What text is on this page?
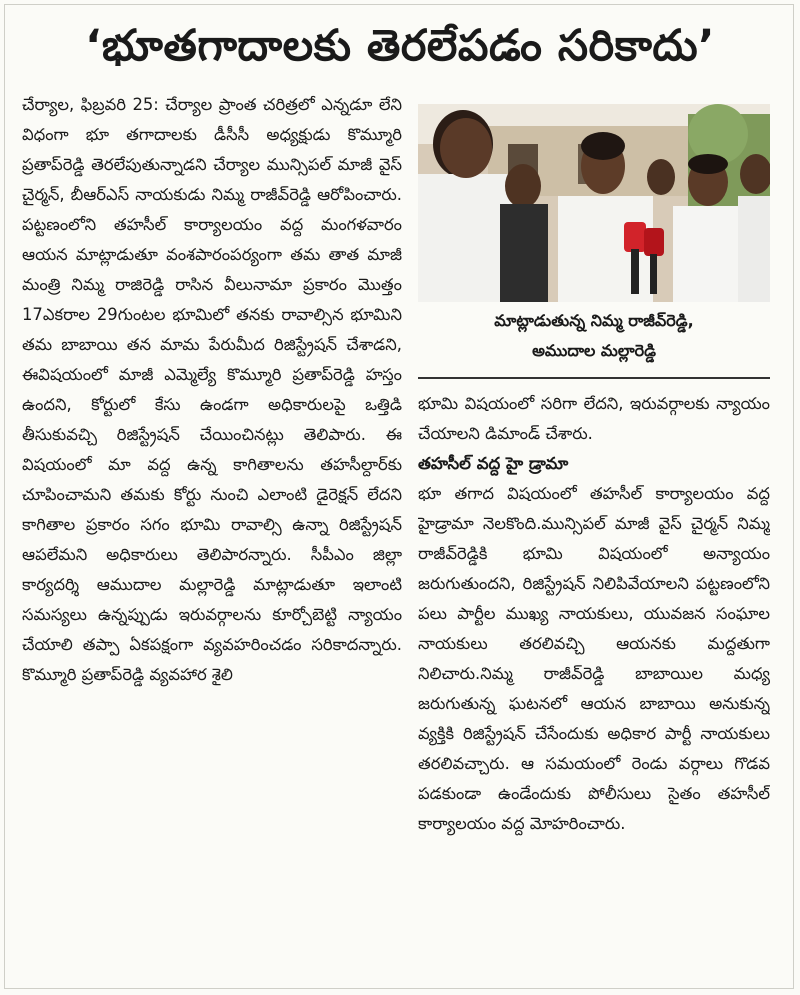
‘భూతగాదాలకు తెరలేపడం సరికాదు’

చేర్యాల, ఫిబ్రవరి 25: చేర్యాల ప్రాంత చరిత్రలో ఎన్నడూ లేని విధంగా భూ తగాదాలకు డీసీసీ అధ్యక్షుడు కొమ్మూరి ప్రతాప్‌రెడ్డి తెరలేపుతున్నాడని చేర్యాల మున్సిపల్ మాజీ వైస్ చైర్మన్, బీఆర్ఎస్ నాయకుడు నిమ్మ రాజీవ్‌రెడ్డి ఆరోపించారు. పట్టణంలోని తహసీల్ కార్యాలయం వద్ద మంగళవారం ఆయన మాట్లాడుతూ వంశపారంపర్యంగా తమ తాత మాజీ మంత్రి నిమ్మ రాజిరెడ్డి రాసిన వీలునామా ప్రకారం మొత్తం 17ఎకరాల 29గుంటల భూమిలో తనకు రావాల్సిన భూమిని తమ బాబాయి తన మామ పేరుమీద రిజిస్ట్రేషన్ చేశాడని, ఈవిషయంలో మాజీ ఎమ్మెల్యే కొమ్మూరి ప్రతాప్‌రెడ్డి హస్తం ఉందని, కోర్టులో కేసు ఉండగా అధికారులపై ఒత్తిడి తీసుకువచ్చి రిజిస్ట్రేషన్ చేయించినట్లు తెలిపారు. ఈ విషయంలో మా వద్ద ఉన్న కాగితాలను తహసీల్దార్‌కు చూపించామని తమకు కోర్టు నుంచి ఎలాంటి డైరెక్షన్ లేదని కాగితాల ప్రకారం సగం భూమి రావాల్సి ఉన్నా రిజిస్ట్రేషన్ ఆపలేమని అధికారులు తెలిపారన్నారు. సీపీఎం జిల్లా కార్యదర్శి ఆముదాల మల్లారెడ్డి మాట్లాడుతూ ఇలాంటి సమస్యలు ఉన్నప్పుడు ఇరువర్గాలను కూర్చోబెట్టి న్యాయం చేయాలి తప్పా ఏకపక్షంగా వ్యవహరించడం సరికాదన్నారు. కొమ్మూరి ప్రతాప్‌రెడ్డి వ్యవహార శైలి

మాట్లాడుతున్న నిమ్మ రాజీవ్‌రెడ్డి,
అముదాల మల్లారెడ్డి

భూమి విషయంలో సరిగా లేదని, ఇరువర్గాలకు న్యాయం చేయాలని డిమాండ్ చేశారు.

తహసీల్ వద్ద హై డ్రామా

భూ తగాద విషయంలో తహసీల్ కార్యాలయం వద్ద హైడ్రామా నెలకొంది.మున్సిపల్ మాజీ వైస్ చైర్మన్ నిమ్మ రాజీవ్‌రెడ్డికి భూమి విషయంలో అన్యాయం జరుగుతుందని, రిజిస్ట్రేషన్ నిలిపివేయాలని పట్టణంలోని పలు పార్టీల ముఖ్య నాయకులు, యువజన సంఘాల నాయకులు తరలివచ్చి ఆయనకు మద్దతుగా నిలిచారు.నిమ్మ రాజీవ్‌రెడ్డి బాబాయిల మధ్య జరుగుతున్న ఘటనలో ఆయన బాబాయి అనుకున్న వ్యక్తికి రిజిస్ట్రేషన్ చేసేందుకు అధికార పార్టీ నాయకులు తరలివచ్చారు. ఆ సమయంలో రెండు వర్గాలు గొడవ పడకుండా ఉండేందుకు పోలీసులు సైతం తహసీల్ కార్యాలయం వద్ద మోహరించారు.
